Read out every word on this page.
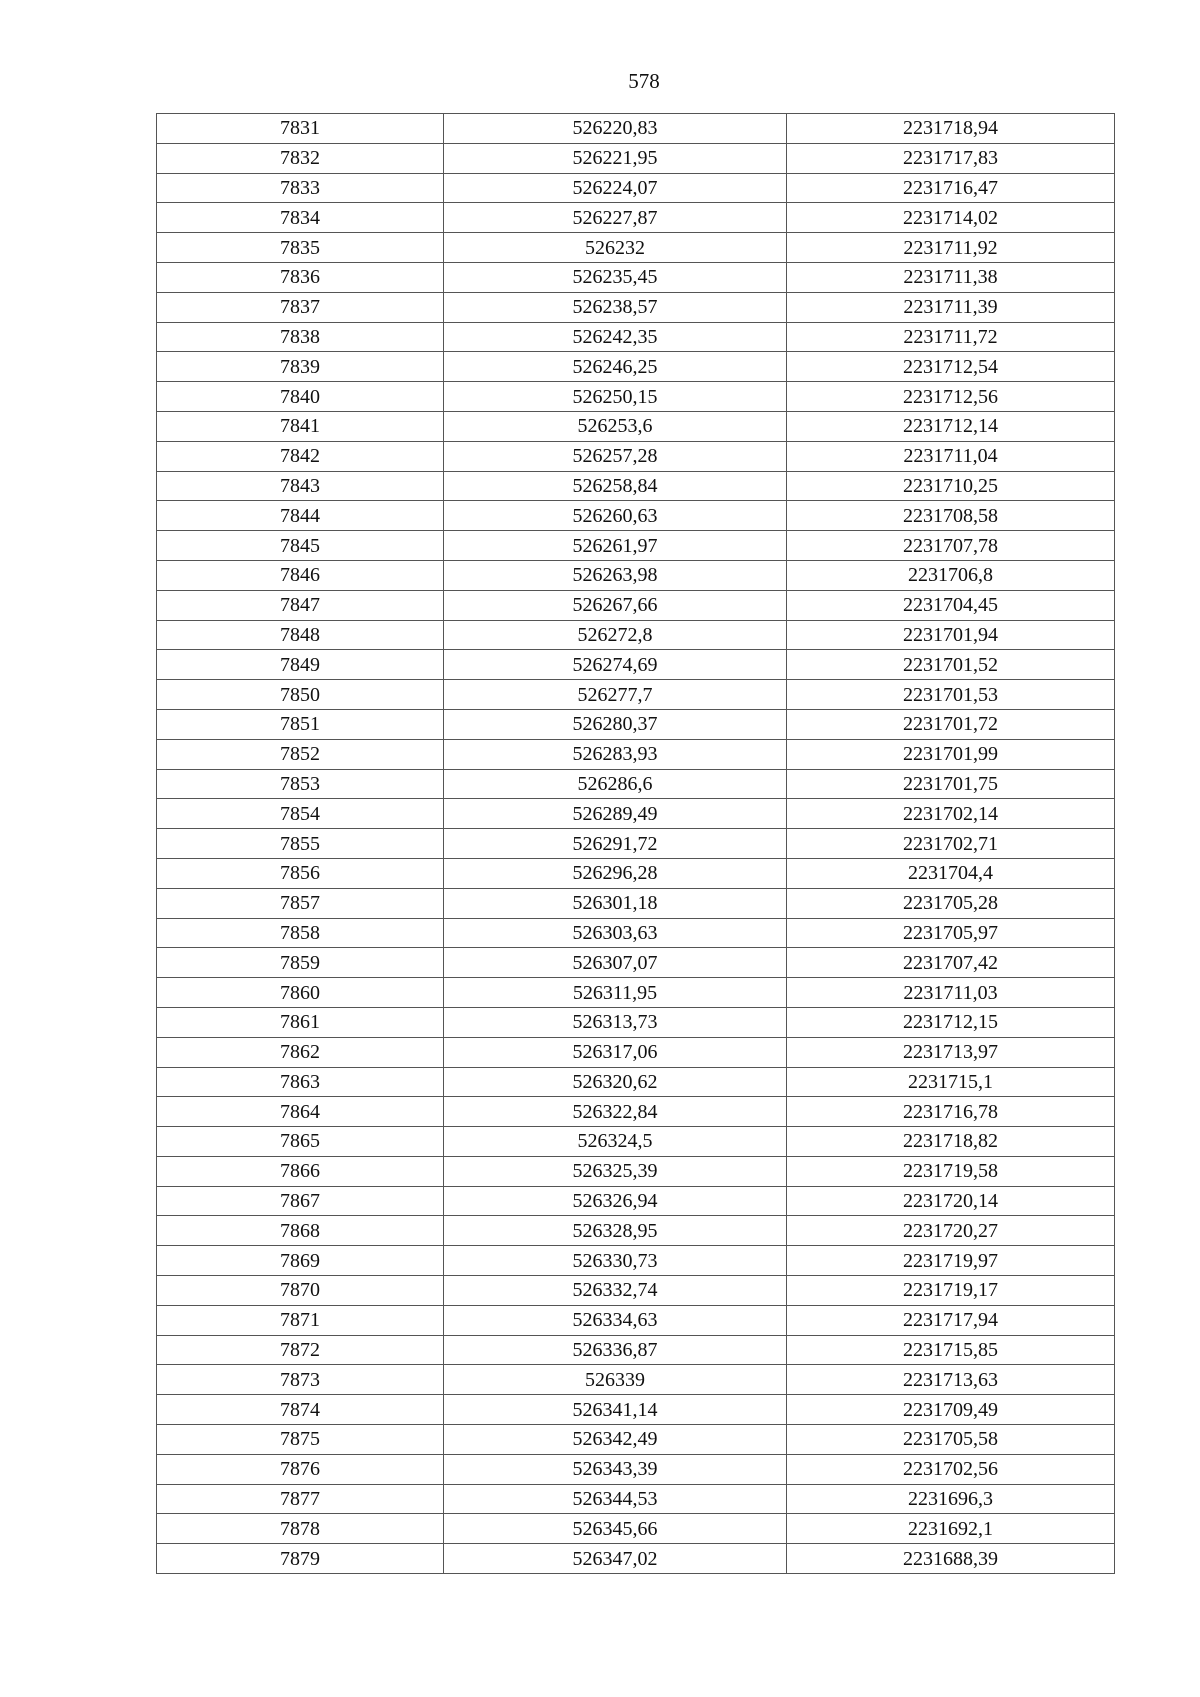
578
7831	526220,83	2231718,94
7832	526221,95	2231717,83
7833	526224,07	2231716,47
7834	526227,87	2231714,02
7835	526232	2231711,92
7836	526235,45	2231711,38
7837	526238,57	2231711,39
7838	526242,35	2231711,72
7839	526246,25	2231712,54
7840	526250,15	2231712,56
7841	526253,6	2231712,14
7842	526257,28	2231711,04
7843	526258,84	2231710,25
7844	526260,63	2231708,58
7845	526261,97	2231707,78
7846	526263,98	2231706,8
7847	526267,66	2231704,45
7848	526272,8	2231701,94
7849	526274,69	2231701,52
7850	526277,7	2231701,53
7851	526280,37	2231701,72
7852	526283,93	2231701,99
7853	526286,6	2231701,75
7854	526289,49	2231702,14
7855	526291,72	2231702,71
7856	526296,28	2231704,4
7857	526301,18	2231705,28
7858	526303,63	2231705,97
7859	526307,07	2231707,42
7860	526311,95	2231711,03
7861	526313,73	2231712,15
7862	526317,06	2231713,97
7863	526320,62	2231715,1
7864	526322,84	2231716,78
7865	526324,5	2231718,82
7866	526325,39	2231719,58
7867	526326,94	2231720,14
7868	526328,95	2231720,27
7869	526330,73	2231719,97
7870	526332,74	2231719,17
7871	526334,63	2231717,94
7872	526336,87	2231715,85
7873	526339	2231713,63
7874	526341,14	2231709,49
7875	526342,49	2231705,58
7876	526343,39	2231702,56
7877	526344,53	2231696,3
7878	526345,66	2231692,1
7879	526347,02	2231688,39
